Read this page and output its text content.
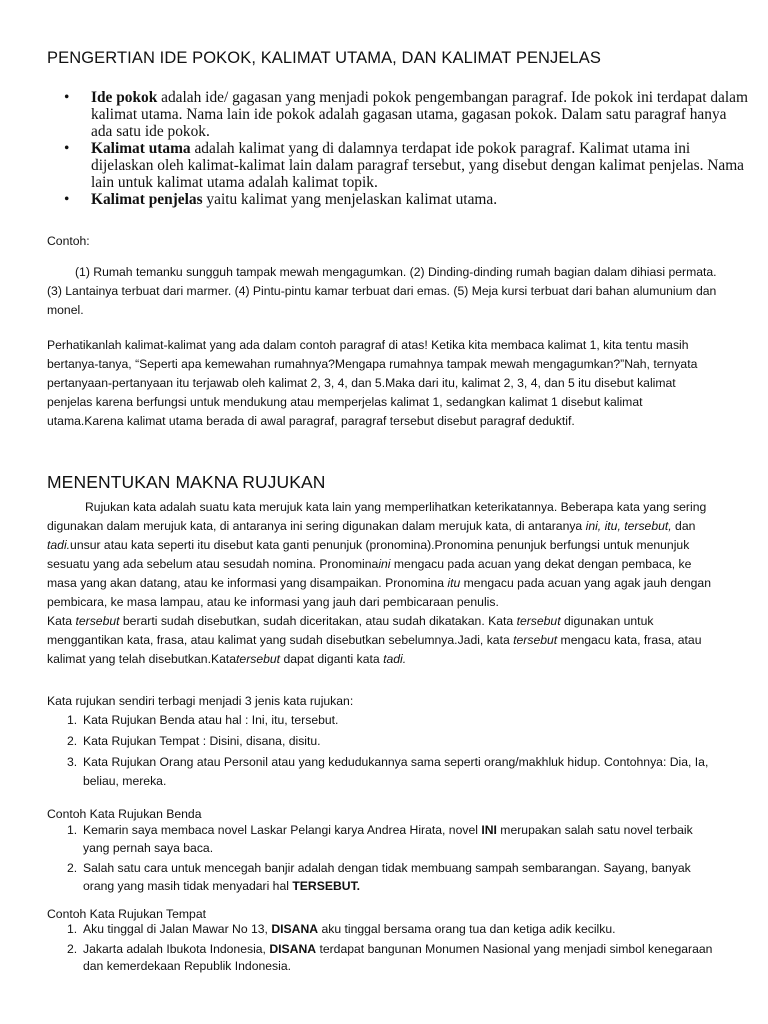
PENGERTIAN IDE POKOK, KALIMAT UTAMA, DAN KALIMAT PENJELAS
• Ide pokok adalah ide/ gagasan yang menjadi pokok pengembangan paragraf. Ide pokok ini terdapat dalam kalimat utama. Nama lain ide pokok adalah gagasan utama, gagasan pokok. Dalam satu paragraf hanya ada satu ide pokok.
• Kalimat utama adalah kalimat yang di dalamnya terdapat ide pokok paragraf. Kalimat utama ini dijelaskan oleh kalimat-kalimat lain dalam paragraf tersebut, yang disebut dengan kalimat penjelas. Nama lain untuk kalimat utama adalah kalimat topik.
• Kalimat penjelas yaitu kalimat yang menjelaskan kalimat utama.

Contoh:

(1) Rumah temanku sungguh tampak mewah mengagumkan. (2) Dinding-dinding rumah bagian dalam dihiasi permata. (3) Lantainya terbuat dari marmer. (4) Pintu-pintu kamar terbuat dari emas. (5) Meja kursi terbuat dari bahan alumunium dan monel.

Perhatikanlah kalimat-kalimat yang ada dalam contoh paragraf di atas! Ketika kita membaca kalimat 1, kita tentu masih bertanya-tanya, “Seperti apa kemewahan rumahnya?Mengapa rumahnya tampak mewah mengagumkan?”Nah, ternyata pertanyaan-pertanyaan itu terjawab oleh kalimat 2, 3, 4, dan 5.Maka dari itu, kalimat 2, 3, 4, dan 5 itu disebut kalimat penjelas karena berfungsi untuk mendukung atau memperjelas kalimat 1, sedangkan kalimat 1 disebut kalimat utama.Karena kalimat utama berada di awal paragraf, paragraf tersebut disebut paragraf deduktif.

MENENTUKAN MAKNA RUJUKAN

Rujukan kata adalah suatu kata merujuk kata lain yang memperlihatkan keterikatannya. Beberapa kata yang sering digunakan dalam merujuk kata, di antaranya ini sering digunakan dalam merujuk kata, di antaranya ini, itu, tersebut, dan tadi.unsur atau kata seperti itu disebut kata ganti penunjuk (pronomina).Pronomina penunjuk berfungsi untuk menunjuk sesuatu yang ada sebelum atau sesudah nomina. Pronominaini mengacu pada acuan yang dekat dengan pembaca, ke masa yang akan datang, atau ke informasi yang disampaikan. Pronomina itu mengacu pada acuan yang agak jauh dengan pembicara, ke masa lampau, atau ke informasi yang jauh dari pembicaraan penulis.

Kata tersebut berarti sudah disebutkan, sudah diceritakan, atau sudah dikatakan. Kata tersebut digunakan untuk menggantikan kata, frasa, atau kalimat yang sudah disebutkan sebelumnya.Jadi, kata tersebut mengacu kata, frasa, atau kalimat yang telah disebutkan.Katatersebut dapat diganti kata tadi.

Kata rujukan sendiri terbagi menjadi 3 jenis kata rujukan:

1. Kata Rujukan Benda atau hal : Ini, itu, tersebut.
2. Kata Rujukan Tempat : Disini, disana, disitu.
3. Kata Rujukan Orang atau Personil atau yang kedudukannya sama seperti orang/makhluk hidup. Contohnya: Dia, Ia, beliau, mereka.

Contoh Kata Rujukan Benda

1. Kemarin saya membaca novel Laskar Pelangi karya Andrea Hirata, novel INI merupakan salah satu novel terbaik yang pernah saya baca.
2. Salah satu cara untuk mencegah banjir adalah dengan tidak membuang sampah sembarangan. Sayang, banyak orang yang masih tidak menyadari hal TERSEBUT.

Contoh Kata Rujukan Tempat

1. Aku tinggal di Jalan Mawar No 13, DISANA aku tinggal bersama orang tua dan ketiga adik kecilku.
2. Jakarta adalah Ibukota Indonesia, DISANA terdapat bangunan Monumen Nasional yang menjadi simbol kenegaraan dan kemerdekaan Republik Indonesia.
